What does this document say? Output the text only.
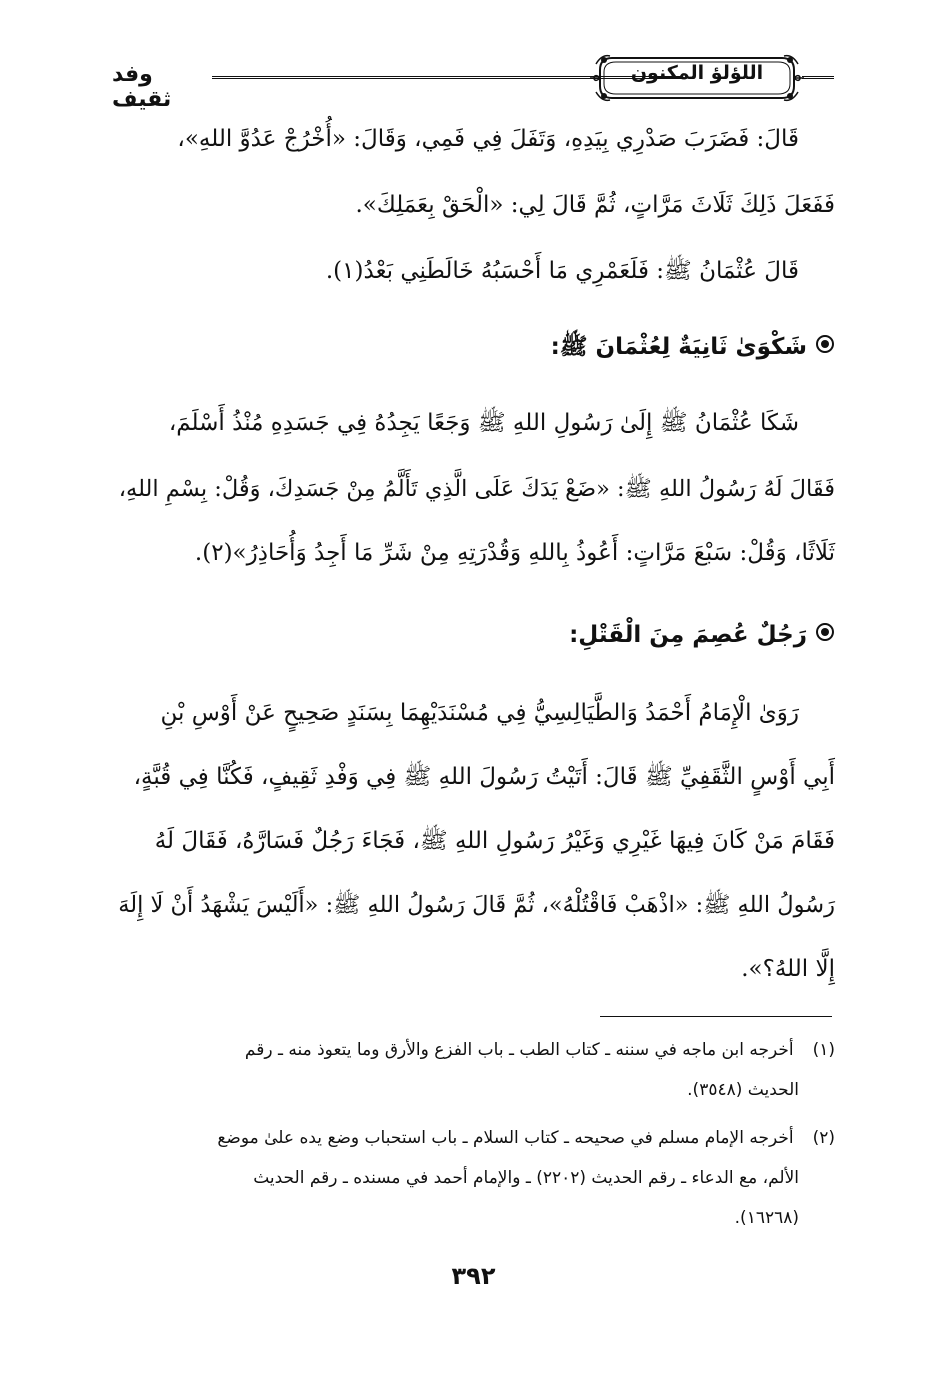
وفد ثقيف
اللؤلؤ المكنون
قَالَ: فَضَرَبَ صَدْرِي بِيَدِهِ، وَتَفَلَ فِي فَمِي، وَقَالَ: «أُخْرُجْ عَدُوَّ اللهِ»،
فَفَعَلَ ذَلِكَ ثَلَاثَ مَرَّاتٍ، ثُمَّ قَالَ لِي: «الْحَقْ بِعَمَلِكَ».
قَالَ عُثْمَانُ ﷺ: فَلَعَمْرِي مَا أَحْسَبُهُ خَالَطَنِي بَعْدُ(١).
شَكْوَىٰ ثَانِيَةٌ لِعُثْمَانَ ﷺ:
شَكَا عُثْمَانُ ﷺ إِلَىٰ رَسُولِ اللهِ ﷺ وَجَعًا يَجِدُهُ فِي جَسَدِهِ مُنْذُ أَسْلَمَ،
فَقَالَ لَهُ رَسُولُ اللهِ ﷺ: «ضَعْ يَدَكَ عَلَى الَّذِي تَأَلَّمُ مِنْ جَسَدِكَ، وَقُلْ: بِسْمِ اللهِ،
ثَلَاثًا، وَقُلْ: سَبْعَ مَرَّاتٍ: أَعُوذُ بِاللهِ وَقُدْرَتِهِ مِنْ شَرِّ مَا أَجِدُ وَأُحَاذِرُ»(٢).
رَجُلٌ عُصِمَ مِنَ الْقَتْلِ:
رَوَىٰ الْإِمَامُ أَحْمَدُ وَالطَّيَالِسِيُّ فِي مُسْنَدَيْهِمَا بِسَنَدٍ صَحِيحٍ عَنْ أَوْسِ بْنِ
أَبِي أَوْسٍ الثَّقَفِيِّ ﷺ قَالَ: أَتَيْتُ رَسُولَ اللهِ ﷺ فِي وَفْدِ ثَقِيفٍ، فَكُنَّا فِي قُبَّةٍ،
فَقَامَ مَنْ كَانَ فِيهَا غَيْرِي وَغَيْرُ رَسُولِ اللهِ ﷺ، فَجَاءَ رَجُلٌ فَسَارَّهُ، فَقَالَ لَهُ
رَسُولُ اللهِ ﷺ: «اذْهَبْ فَاقْتُلْهُ»، ثُمَّ قَالَ رَسُولُ اللهِ ﷺ: «أَلَيْسَ يَشْهَدُ أَنْ لَا إِلَهَ
إِلَّا اللهُ؟».
(١) أخرجه ابن ماجه في سننه ـ كتاب الطب ـ باب الفزع والأرق وما يتعوذ منه ـ رقم
الحديث (٣٥٤٨).
(٢) أخرجه الإمام مسلم في صحيحه ـ كتاب السلام ـ باب استحباب وضع يده علىٰ موضع
الألم، مع الدعاء ـ رقم الحديث (٢٢٠٢) ـ والإمام أحمد في مسنده ـ رقم الحديث
(١٦٢٦٨).
٣٩٢
